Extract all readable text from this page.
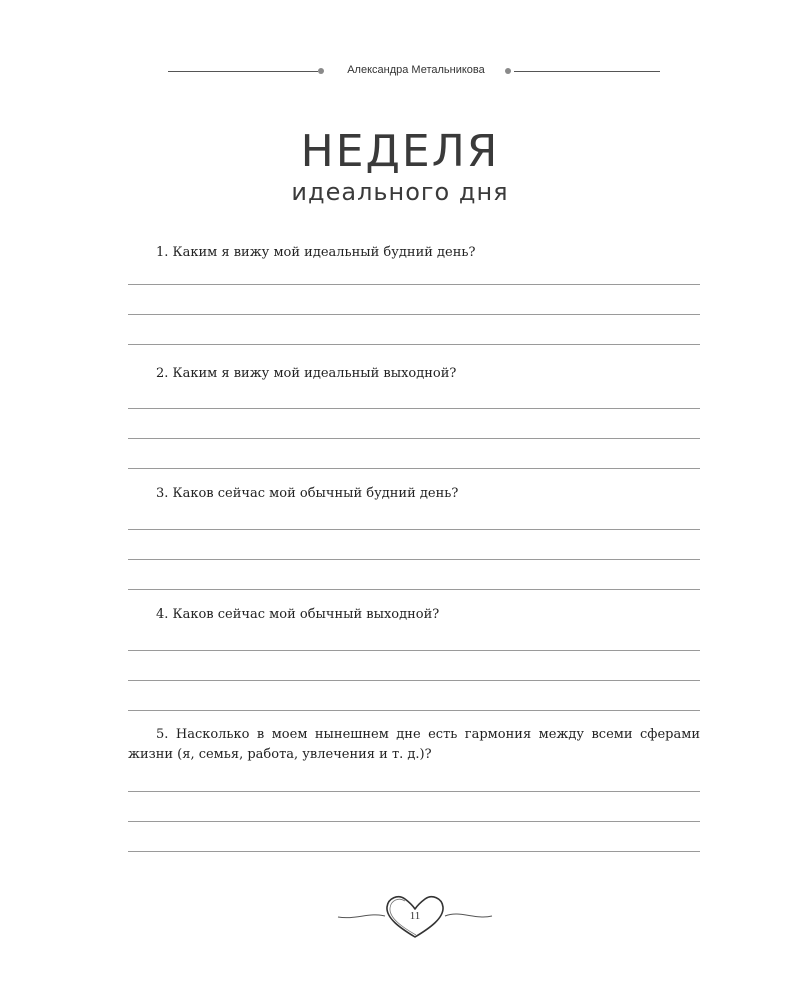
Александра Метальникова
НЕДЕЛЯ
идеального дня
1. Каким я вижу мой идеальный будний день?
2. Каким я вижу мой идеальный выходной?
3. Каков сейчас мой обычный будний день?
4. Каков сейчас мой обычный выходной?
5. Насколько в моем нынешнем дне есть гармония между всеми сферами жизни (я, семья, работа, увлечения и т. д.)?
11
